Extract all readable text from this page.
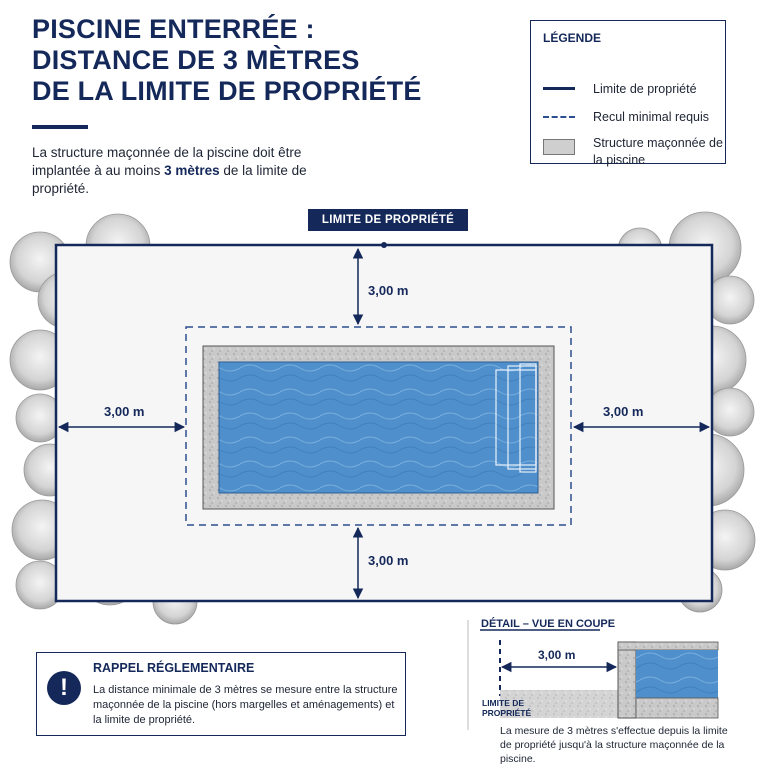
PISCINE ENTERRÉE :
DISTANCE DE 3 MÈTRES
DE LA LIMITE DE PROPRIÉTÉ

La structure maçonnée de la piscine doit être implantée à au moins 3 mètres de la limite de propriété.

LÉGENDE
Limite de propriété
Recul minimal requis
Structure maçonnée de la piscine
3,00 m
3,00 m	3,00 m
3,00 m
LIMITE DE PROPRIÉTÉ
!
RAPPEL RÉGLEMENTAIRE
La distance minimale de 3 mètres se mesure entre la structure maçonnée de la piscine (hors margelles et aménagements) et la limite de propriété.
DÉTAIL – VUE EN COUPE
3,00 m
LIMITE DE PROPRIÉTÉ
La mesure de 3 mètres s'effectue depuis la limite de propriété jusqu'à la structure maçonnée de la piscine.
